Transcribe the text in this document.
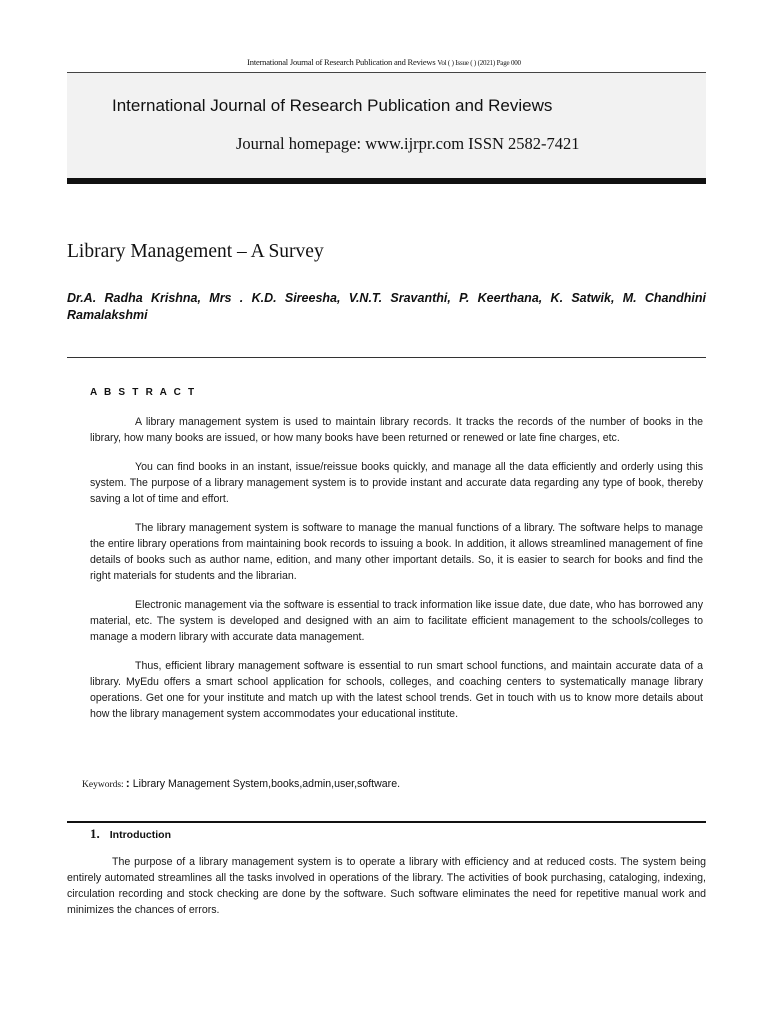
International Journal of Research Publication and Reviews Vol ( ) Issue ( ) (2021) Page 000
International Journal of Research Publication and Reviews
Journal homepage: www.ijrpr.com ISSN 2582-7421
Library Management – A Survey
Dr.A. Radha Krishna, Mrs . K.D. Sireesha, V.N.T. Sravanthi, P. Keerthana, K. Satwik, M. Chandhini Ramalakshmi
A B S T R A C T

A library management system is used to maintain library records. It tracks the records of the number of books in the library, how many books are issued, or how many books have been returned or renewed or late fine charges, etc.

You can find books in an instant, issue/reissue books quickly, and manage all the data efficiently and orderly using this system. The purpose of a library management system is to provide instant and accurate data regarding any type of book, thereby saving a lot of time and effort.

The library management system is software to manage the manual functions of a library. The software helps to manage the entire library operations from maintaining book records to issuing a book. In addition, it allows streamlined management of fine details of books such as author name, edition, and many other important details. So, it is easier to search for books and find the right materials for students and the librarian.

Electronic management via the software is essential to track information like issue date, due date, who has borrowed any material, etc. The system is developed and designed with an aim to facilitate efficient management to the schools/colleges to manage a modern library with accurate data management.

Thus, efficient library management software is essential to run smart school functions, and maintain accurate data of a library. MyEdu offers a smart school application for schools, colleges, and coaching centers to systematically manage library operations. Get one for your institute and match up with the latest school trends. Get in touch with us to know more details about how the library management system accommodates your educational institute.

Keywords: : Library Management System,books,admin,user,software.
1. Introduction

The purpose of a library management system is to operate a library with efficiency and at reduced costs. The system being entirely automated streamlines all the tasks involved in operations of the library. The activities of book purchasing, cataloging, indexing, circulation recording and stock checking are done by the software. Such software eliminates the need for repetitive manual work and minimizes the chances of errors.
